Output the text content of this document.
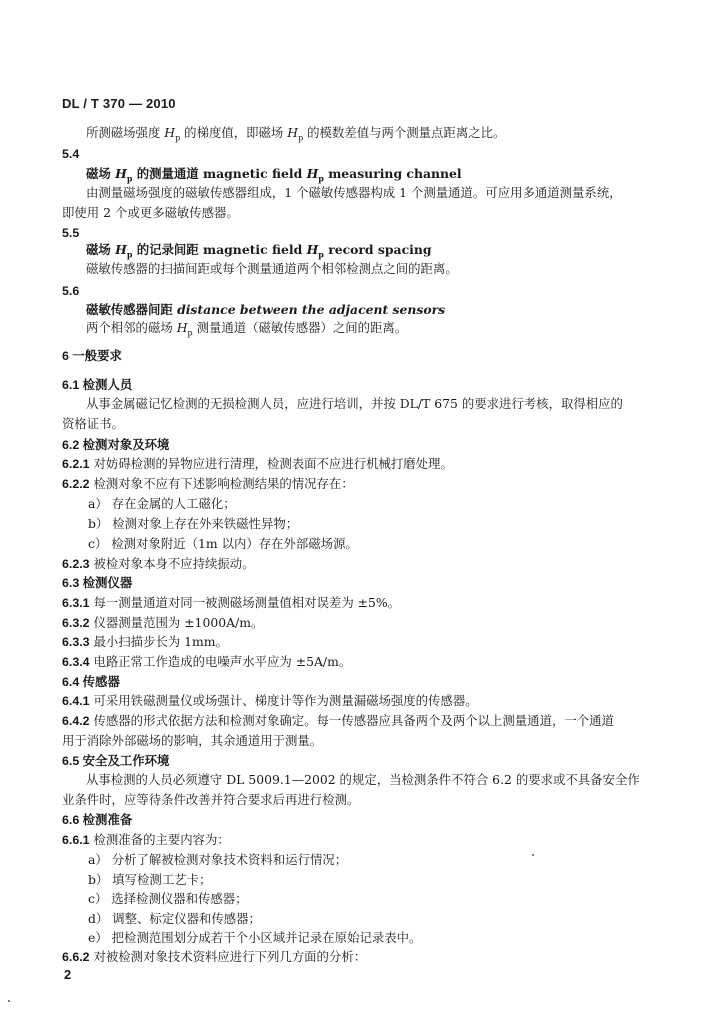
DL / T 370 — 2010
所测磁场强度 $H_p$ 的梯度值，即磁场 $H_p$ 的模数差值与两个测量点距离之比。
5.4
磁场 $H_p$ 的测量通道 magnetic field $H_p$ measuring channel
由测量磁场强度的磁敏传感器组成，1 个磁敏传感器构成 1 个测量通道。可应用多通道测量系统，
即使用 2 个或更多磁敏传感器。
5.5
磁场 $H_p$ 的记录间距 magnetic field $H_p$ record spacing
磁敏传感器的扫描间距或每个测量通道两个相邻检测点之间的距离。
5.6
磁敏传感器间距 distance between the adjacent sensors
两个相邻的磁场 $H_p$ 测量通道（磁敏传感器）之间的距离。
6 一般要求
6.1 检测人员
从事金属磁记忆检测的无损检测人员，应进行培训，并按 DL/T 675 的要求进行考核，取得相应的
资格证书。
6.2 检测对象及环境
6.2.1 对妨碍检测的异物应进行清理，检测表面不应进行机械打磨处理。
6.2.2 检测对象不应有下述影响检测结果的情况存在：
a） 存在金属的人工磁化；
b） 检测对象上存在外来铁磁性异物；
c） 检测对象附近（1m 以内）存在外部磁场源。
6.2.3 被检对象本身不应持续振动。
6.3 检测仪器
6.3.1 每一测量通道对同一被测磁场测量值相对误差为 ±5%。
6.3.2 仪器测量范围为 ±1000A/m。
6.3.3 最小扫描步长为 1mm。
6.3.4 电路正常工作造成的电噪声水平应为 ±5A/m。
6.4 传感器
6.4.1 可采用铁磁测量仪或场强计、梯度计等作为测量漏磁场强度的传感器。
6.4.2 传感器的形式依据方法和检测对象确定。每一传感器应具备两个及两个以上测量通道，一个通道
用于消除外部磁场的影响，其余通道用于测量。
6.5 安全及工作环境
从事检测的人员必须遵守 DL 5009.1—2002 的规定，当检测条件不符合 6.2 的要求或不具备安全作
业条件时，应等待条件改善并符合要求后再进行检测。
6.6 检测准备
6.6.1 检测准备的主要内容为：
a） 分析了解被检测对象技术资料和运行情况；
b） 填写检测工艺卡；
c） 选择检测仪器和传感器；
d） 调整、标定仪器和传感器；
e） 把检测范围划分成若干个小区域并记录在原始记录表中。
6.6.2 对被检测对象技术资料应进行下列几方面的分析：
2
